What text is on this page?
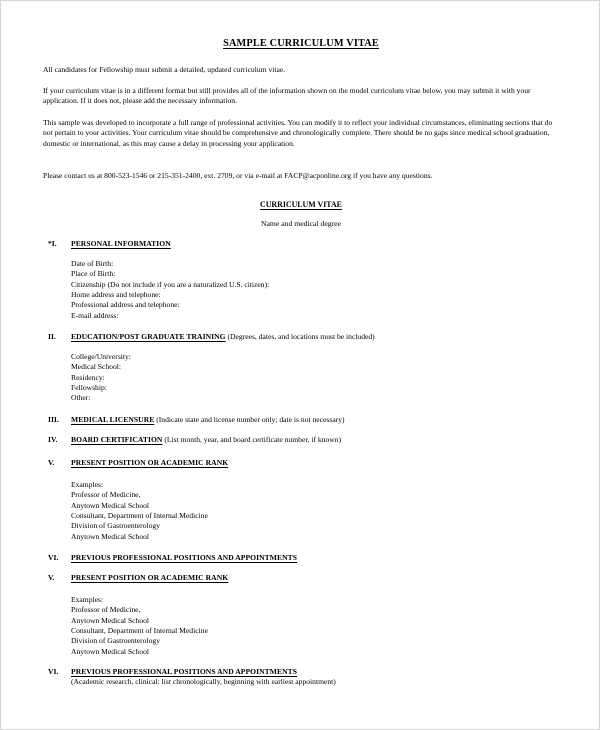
SAMPLE CURRICULUM VITAE

All candidates for Fellowship must submit a detailed, updated curriculum vitae.

If your curriculum vitae is in a different format but still provides all of the information shown on the model curriculum vitae below, you may submit it with your application. If it does not, please add the necessary information.

This sample was developed to incorporate a full range of professional activities. You can modify it to reflect your individual circumstances, eliminating sections that do not pertain to your activities. Your curriculum vitae should be comprehensive and chronologically complete. There should be no gaps since medical school graduation, domestic or international, as this may cause a delay in processing your application.

Please contact us at 800-523-1546 or 215-351-2400, ext. 2709, or via e-mail at FACP@acponline.org if you have any questions.

CURRICULUM VITAE
Name and medical degree
*I. PERSONAL INFORMATION
Date of Birth:
Place of Birth:
Citizenship (Do not include if you are a naturalized U.S. citizen):
Home address and telephone:
Professional address and telephone:
E-mail address:
II. EDUCATION/POST GRADUATE TRAINING (Degrees, dates, and locations must be included)
College/University:
Medical School:
Residency:
Fellowship:
Other:
III. MEDICAL LICENSURE (Indicate state and license number only; date is not necessary)
IV. BOARD CERTIFICATION (List month, year, and board certificate number, if known)
V. PRESENT POSITION OR ACADEMIC RANK
Examples:
Professor of Medicine,
Anytown Medical School
Consultant, Department of Internal Medicine
Division of Gastroenterology
Anytown Medical School
VI. PREVIOUS PROFESSIONAL POSITIONS AND APPOINTMENTS
V. PRESENT POSITION OR ACADEMIC RANK
Examples:
Professor of Medicine,
Anytown Medical School
Consultant, Department of Internal Medicine
Division of Gastroenterology
Anytown Medical School
VI. PREVIOUS PROFESSIONAL POSITIONS AND APPOINTMENTS
(Academic research, clinical: list chronologically, beginning with earliest appointment)
